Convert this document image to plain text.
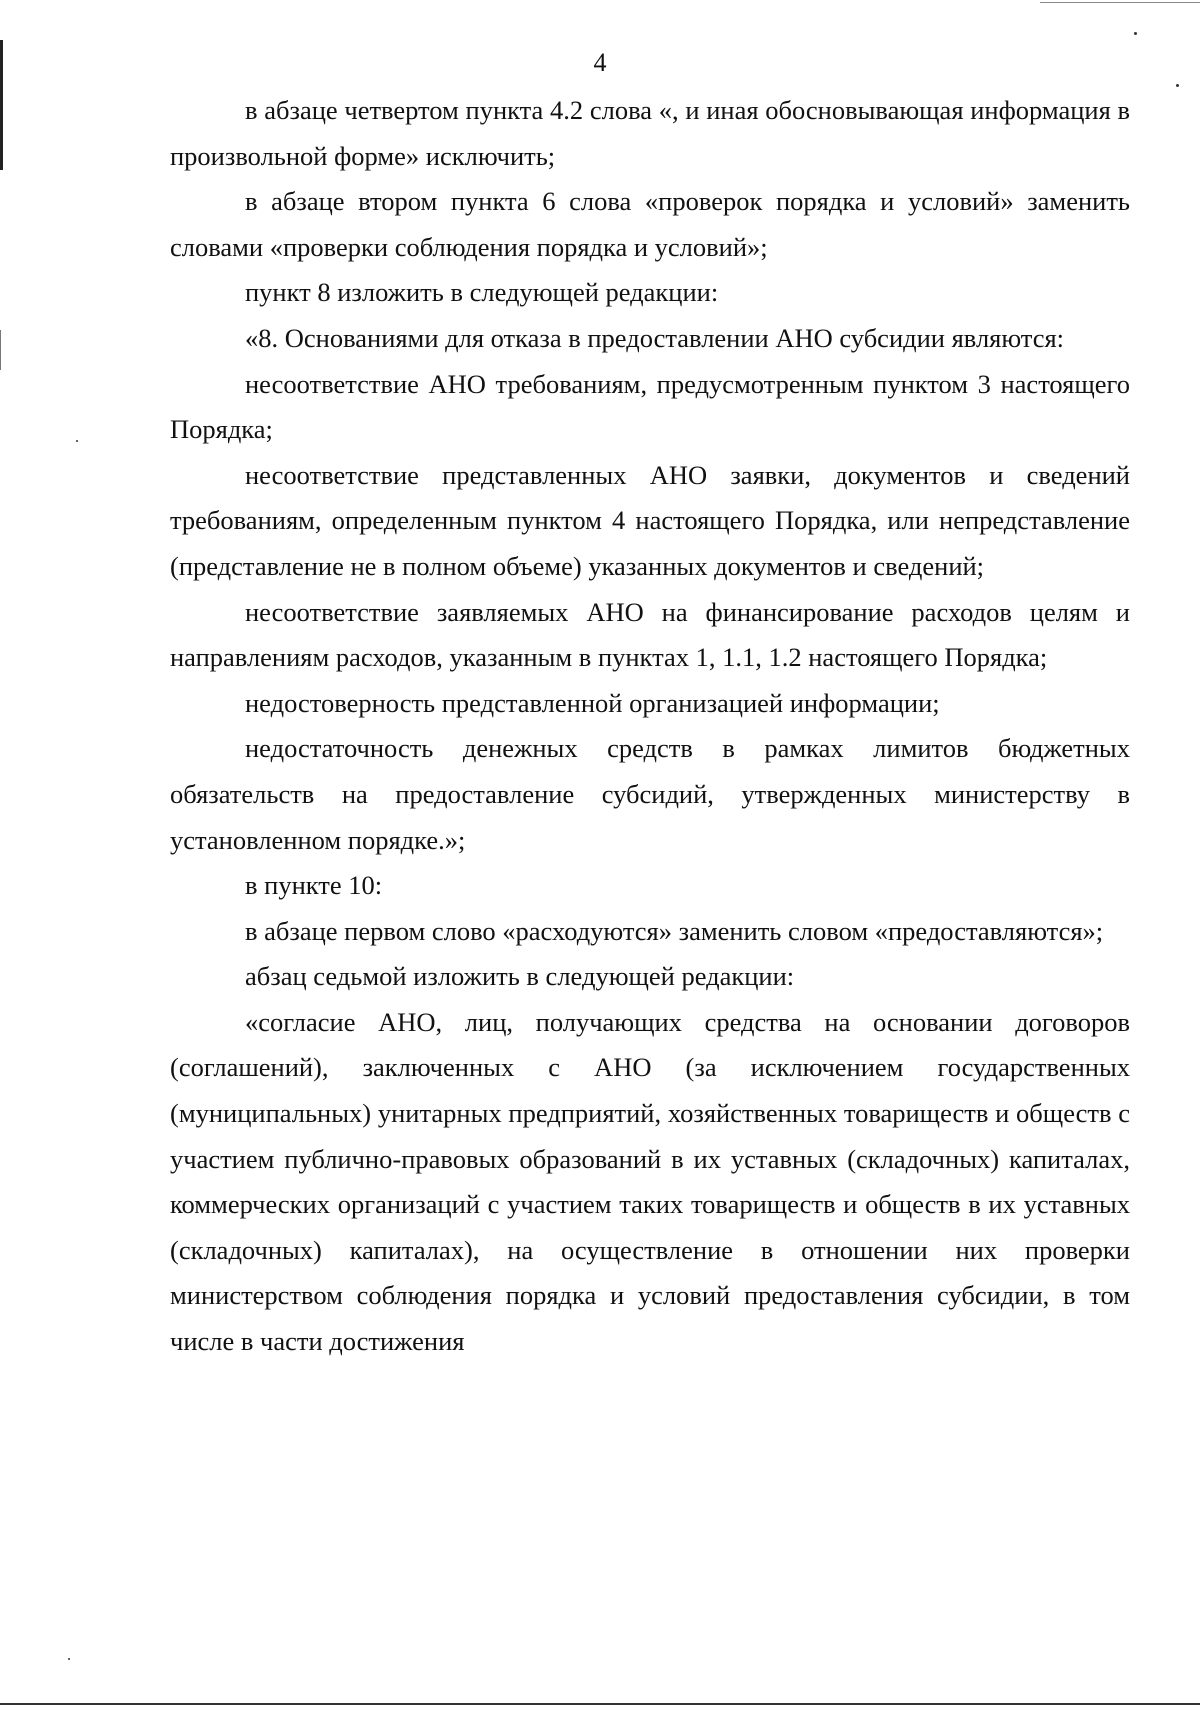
4

в абзаце четвертом пункта 4.2 слова «, и иная обосновывающая информация в произвольной форме» исключить;

в абзаце втором пункта 6 слова «проверок порядка и условий» заменить словами «проверки соблюдения порядка и условий»;

пункт 8 изложить в следующей редакции:

«8. Основаниями для отказа в предоставлении АНО субсидии являются:

несоответствие АНО требованиям, предусмотренным пунктом 3 настоящего Порядка;

несоответствие представленных АНО заявки, документов и сведений требованиям, определенным пунктом 4 настоящего Порядка, или непредставление (представление не в полном объеме) указанных документов и сведений;

несоответствие заявляемых АНО на финансирование расходов целям и направлениям расходов, указанным в пунктах 1, 1.1, 1.2 настоящего Порядка;

недостоверность представленной организацией информации;

недостаточность денежных средств в рамках лимитов бюджетных обязательств на предоставление субсидий, утвержденных министерству в установленном порядке.»;

в пункте 10:

в абзаце первом слово «расходуются» заменить словом «предоставляются»;

абзац седьмой изложить в следующей редакции:

«согласие АНО, лиц, получающих средства на основании договоров (соглашений), заключенных с АНО (за исключением государственных (муниципальных) унитарных предприятий, хозяйственных товариществ и обществ с участием публично-правовых образований в их уставных (складочных) капиталах, коммерческих организаций с участием таких товариществ и обществ в их уставных (складочных) капиталах), на осуществление в отношении них проверки министерством соблюдения порядка и условий предоставления субсидии, в том числе в части достижения
